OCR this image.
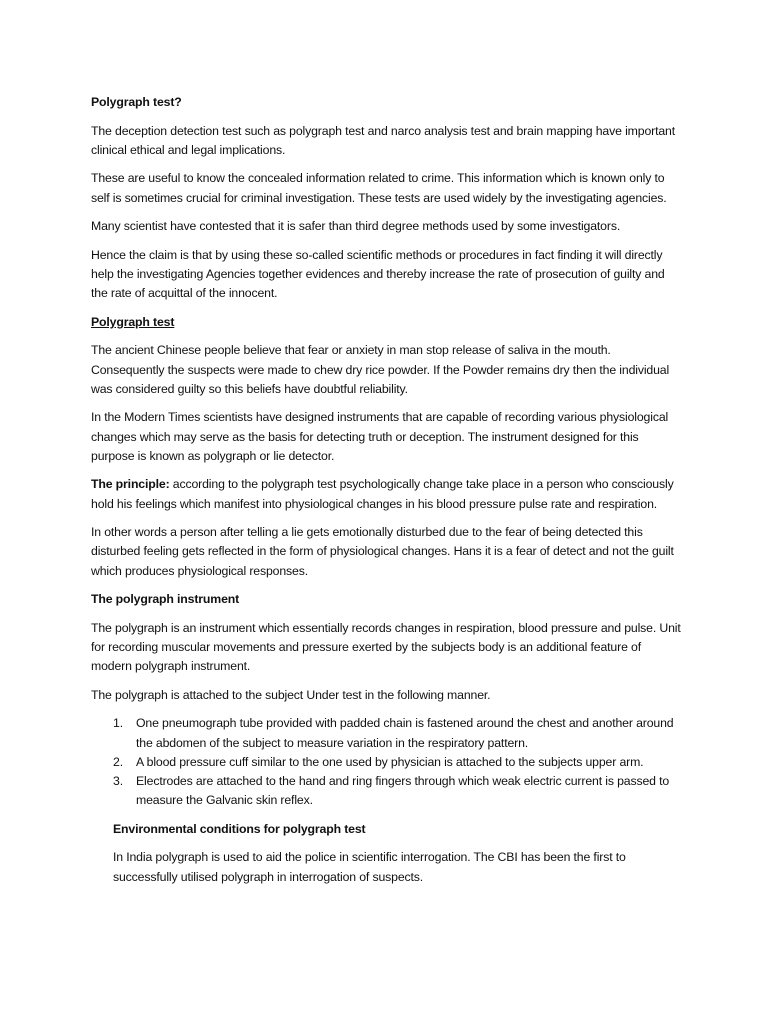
Polygraph test?

The deception detection test such as polygraph test and narco analysis test and brain mapping have important clinical ethical and legal implications.

These are useful to know the concealed information related to crime. This information which is known only to self is sometimes crucial for criminal investigation. These tests are used widely by the investigating agencies.

Many scientist have contested that it is safer than third degree methods used by some investigators.

Hence the claim is that by using these so-called scientific methods or procedures in fact finding it will directly help the investigating Agencies together evidences and thereby increase the rate of prosecution of guilty and the rate of acquittal of the innocent.

Polygraph test

The ancient Chinese people believe that fear or anxiety in man stop release of saliva in the mouth. Consequently the suspects were made to chew dry rice powder. If the Powder remains dry then the individual was considered guilty so this beliefs have doubtful reliability.

In the Modern Times scientists have designed instruments that are capable of recording various physiological changes which may serve as the basis for detecting truth or deception. The instrument designed for this purpose is known as polygraph or lie detector.

The principle: according to the polygraph test psychologically change take place in a person who consciously hold his feelings which manifest into physiological changes in his blood pressure pulse rate and respiration.

In other words a person after telling a lie gets emotionally disturbed due to the fear of being detected this disturbed feeling gets reflected in the form of physiological changes. Hans it is a fear of detect and not the guilt which produces physiological responses.

The polygraph instrument

The polygraph is an instrument which essentially records changes in respiration, blood pressure and pulse. Unit for recording muscular movements and pressure exerted by the subjects body is an additional feature of modern polygraph instrument.

The polygraph is attached to the subject Under test in the following manner.

1. One pneumograph tube provided with padded chain is fastened around the chest and another around the abdomen of the subject to measure variation in the respiratory pattern.
2. A blood pressure cuff similar to the one used by physician is attached to the subjects upper arm.
3. Electrodes are attached to the hand and ring fingers through which weak electric current is passed to measure the Galvanic skin reflex.

Environmental conditions for polygraph test

In India polygraph is used to aid the police in scientific interrogation. The CBI has been the first to successfully utilised polygraph in interrogation of suspects.
